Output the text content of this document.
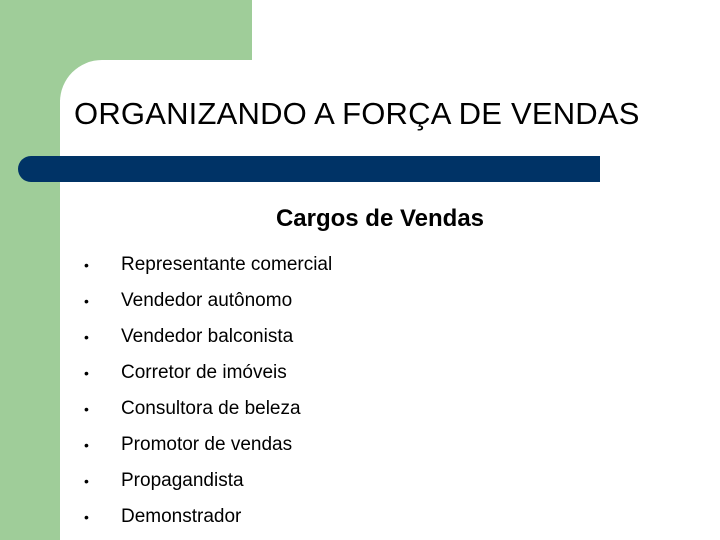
ORGANIZANDO A FORÇA DE VENDAS
Cargos de Vendas
•	Representante comercial
•	Vendedor autônomo
•	Vendedor balconista
•	Corretor de imóveis
•	Consultora de beleza
•	Promotor de vendas
•	Propagandista
•	Demonstrador
